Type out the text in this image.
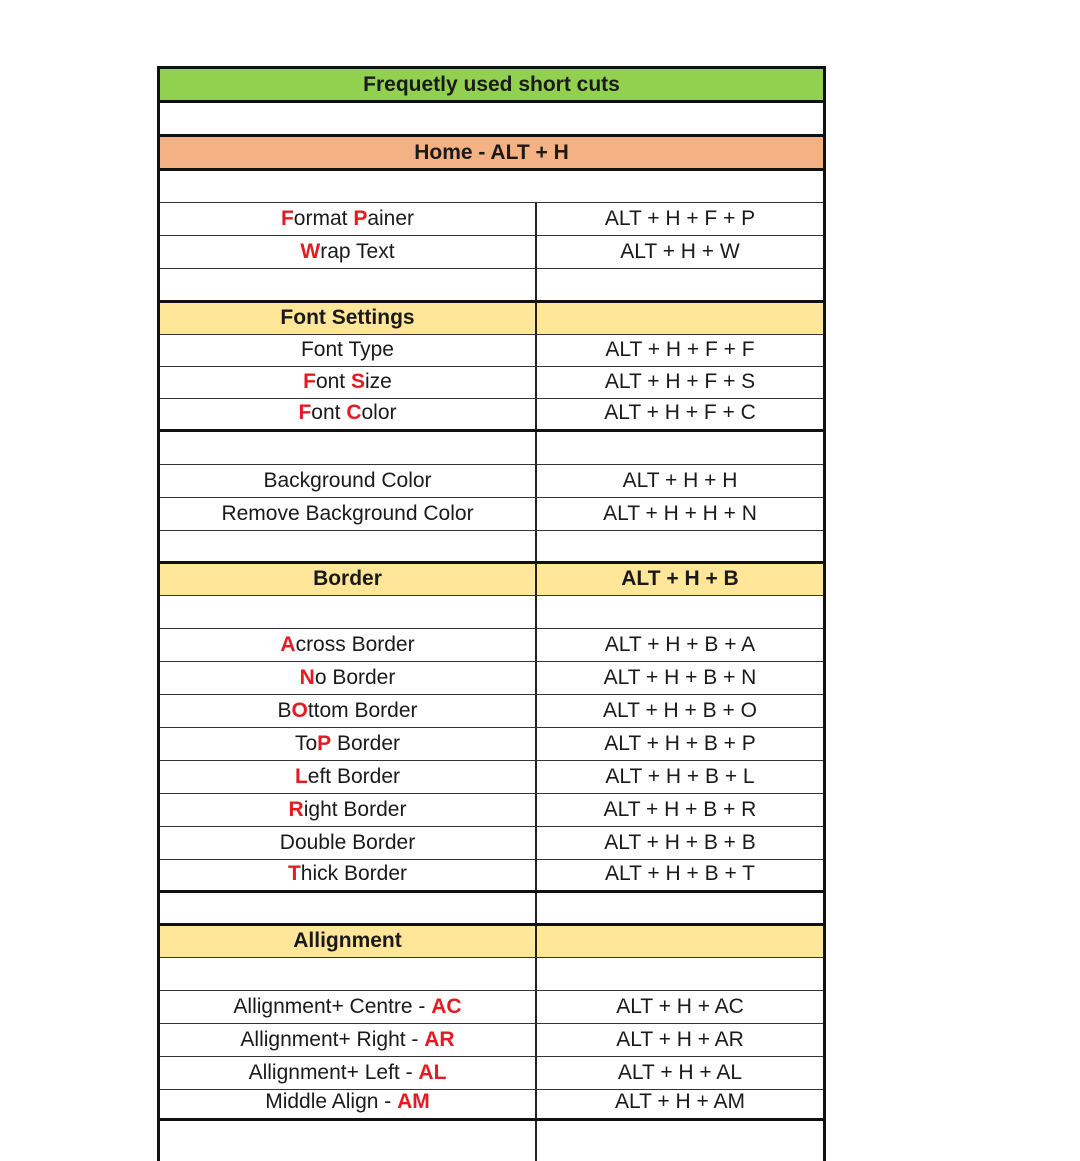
Frequetly used short cuts
Home - ALT + H
Format Painer	ALT + H + F + P
Wrap Text	ALT + H + W
Font Settings
Font Type	ALT + H + F + F
Font Size	ALT + H + F + S
Font Color	ALT + H + F + C
Background Color	ALT + H + H
Remove Background Color	ALT + H + H + N
Border	ALT + H + B
Across Border	ALT + H + B + A
No Border	ALT + H + B + N
BOttom Border	ALT + H + B + O
ToP Border	ALT + H + B + P
Left Border	ALT + H + B + L
Right Border	ALT + H + B + R
Double Border	ALT + H + B + B
Thick Border	ALT + H + B + T
Allignment
Allignment+ Centre - AC	ALT + H + AC
Allignment+ Right - AR	ALT + H + AR
Allignment+ Left - AL	ALT + H + AL
Middle Align - AM	ALT + H + AM
